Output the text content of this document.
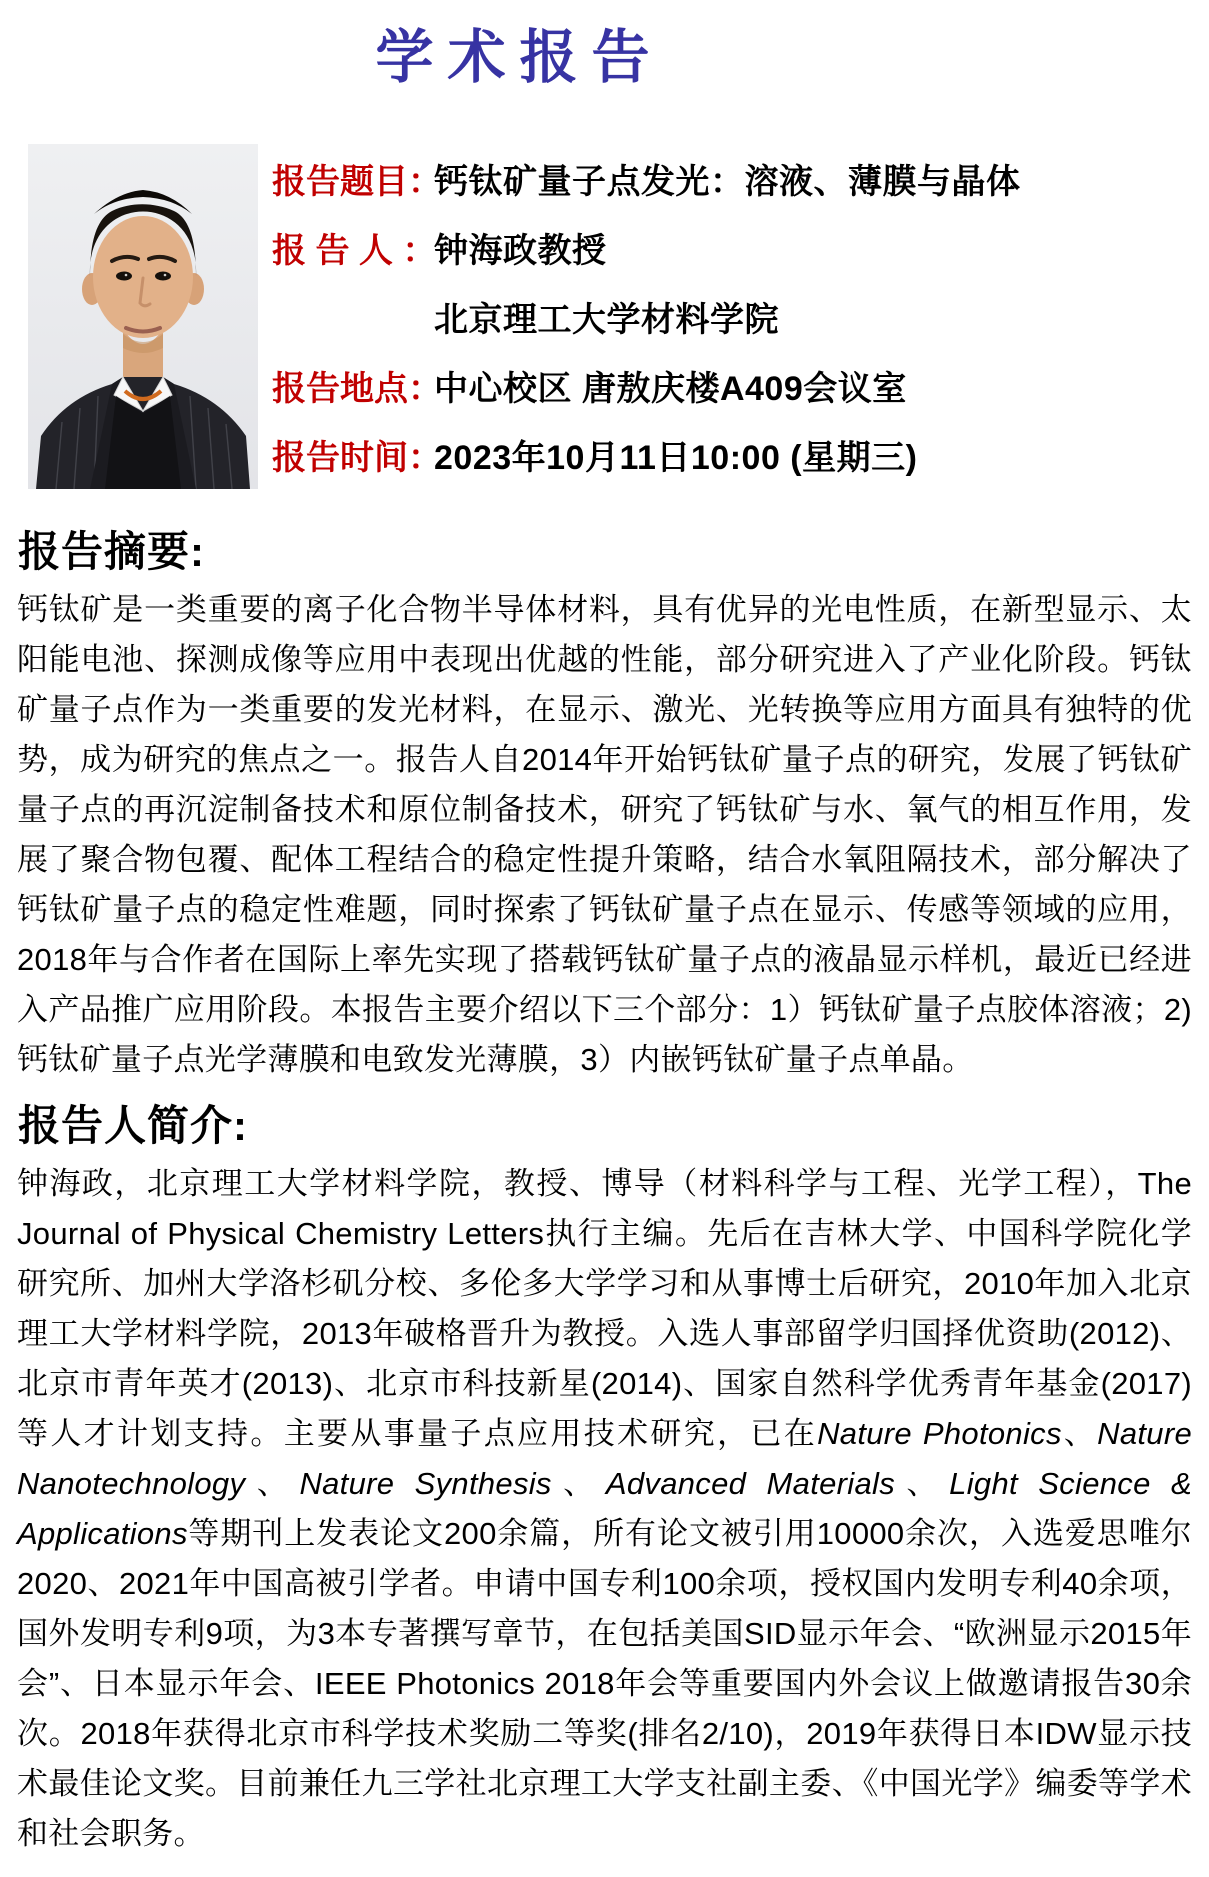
学术报告
报告题目：
钙钛矿量子点发光：溶液、薄膜与晶体
报 告 人 ：
钟海政教授
北京理工大学材料学院
报告地点：
中心校区 唐敖庆楼A409会议室
报告时间：
2023年10月11日10:00 (星期三)
报告摘要:

钙钛矿是一类重要的离子化合物半导体材料，具有优异的光电性质，在新型显示、太阳能电池、探测成像等应用中表现出优越的性能，部分研究进入了产业化阶段。钙钛矿量子点作为一类重要的发光材料，在显示、激光、光转换等应用方面具有独特的优势，成为研究的焦点之一。报告人自2014年开始钙钛矿量子点的研究，发展了钙钛矿量子点的再沉淀制备技术和原位制备技术，研究了钙钛矿与水、氧气的相互作用，发展了聚合物包覆、配体工程结合的稳定性提升策略，结合水氧阻隔技术，部分解决了钙钛矿量子点的稳定性难题，同时探索了钙钛矿量子点在显示、传感等领域的应用，2018年与合作者在国际上率先实现了搭载钙钛矿量子点的液晶显示样机，最近已经进入产品推广应用阶段。本报告主要介绍以下三个部分：1）钙钛矿量子点胶体溶液；2) 钙钛矿量子点光学薄膜和电致发光薄膜，3）内嵌钙钛矿量子点单晶。

报告人简介:

钟海政，北京理工大学材料学院，教授、博导（材料科学与工程、光学工程），The Journal of Physical Chemistry Letters执行主编。先后在吉林大学、中国科学院化学研究所、加州大学洛杉矶分校、多伦多大学学习和从事博士后研究，2010年加入北京理工大学材料学院，2013年破格晋升为教授。入选人事部留学归国择优资助(2012)、北京市青年英才(2013)、北京市科技新星(2014)、国家自然科学优秀青年基金(2017)等人才计划支持。主要从事量子点应用技术研究，已在Nature Photonics、Nature Nanotechnology、Nature Synthesis、Advanced Materials、Light Science & Applications等期刊上发表论文200余篇，所有论文被引用10000余次，入选爱思唯尔2020、2021年中国高被引学者。申请中国专利100余项，授权国内发明专利40余项，国外发明专利9项，为3本专著撰写章节，在包括美国SID显示年会、“欧洲显示2015年会”、日本显示年会、IEEE Photonics 2018年会等重要国内外会议上做邀请报告30余次。2018年获得北京市科学技术奖励二等奖(排名2/10)，2019年获得日本IDW显示技术最佳论文奖。目前兼任九三学社北京理工大学支社副主委、《中国光学》编委等学术和社会职务。
